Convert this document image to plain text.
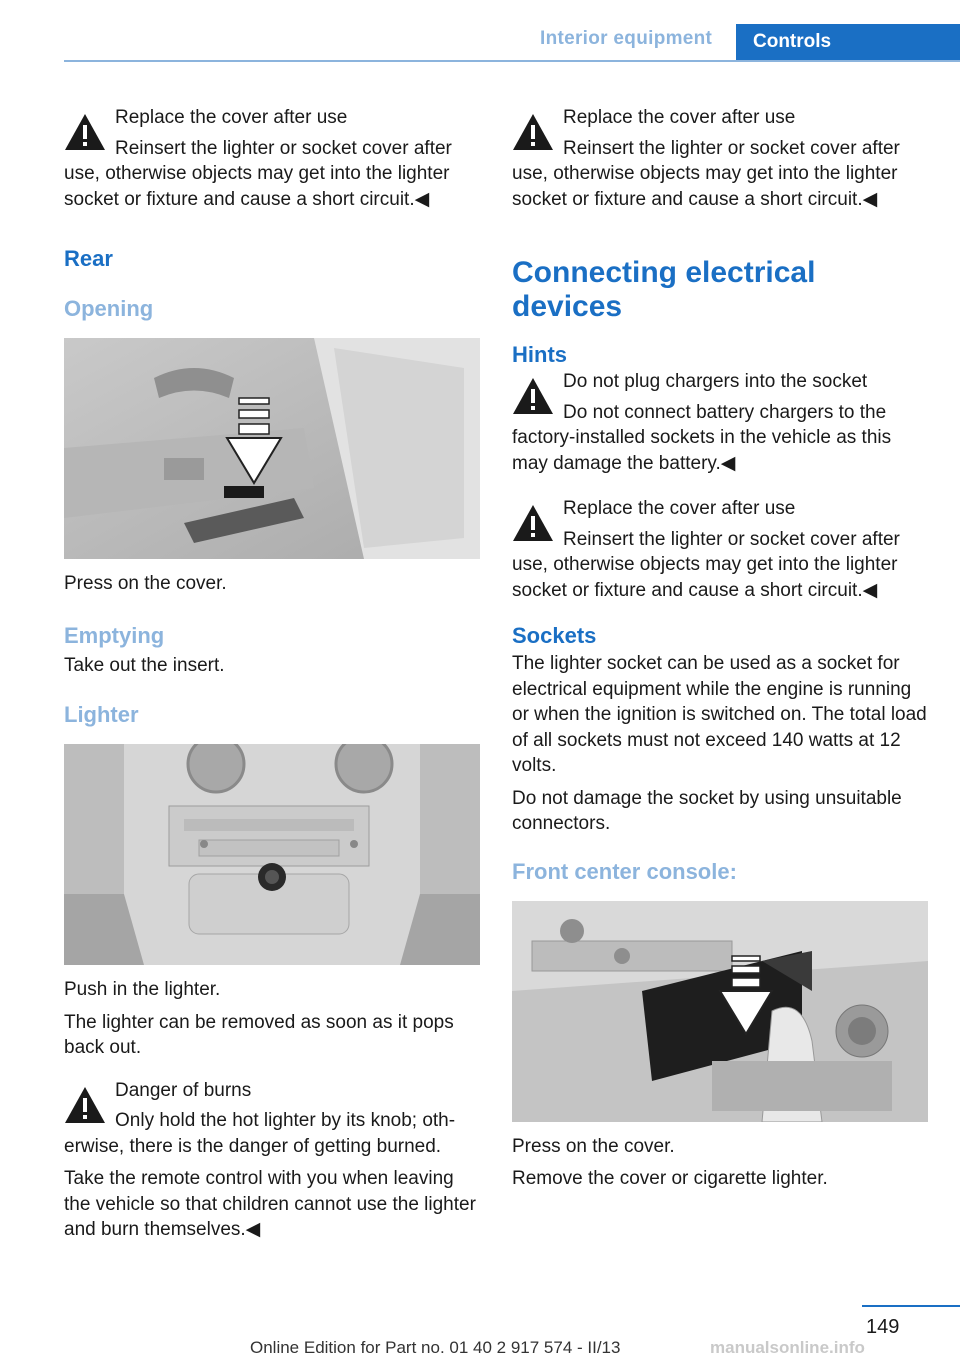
Interior equipment	Controls
Replace the cover after use
Reinsert the lighter or socket cover after use, otherwise objects may get into the lighter socket or fixture and cause a short circuit.◀
Rear
Opening

Press on the cover.

Emptying

Take out the insert.

Lighter

Push in the lighter.

The lighter can be removed as soon as it pops back out.

Danger of burns
Only hold the hot lighter by its knob; oth‐erwise, there is the danger of getting burned.

Take the remote control with you when leaving the vehicle so that children cannot use the lighter and burn themselves.◀

Replace the cover after use
Reinsert the lighter or socket cover after use, otherwise objects may get into the lighter socket or fixture and cause a short circuit.◀
Connecting electrical devices
Hints
Do not plug chargers into the socket
Do not connect battery chargers to the factory-installed sockets in the vehicle as this may damage the battery.◀
Replace the cover after use
Reinsert the lighter or socket cover after use, otherwise objects may get into the lighter socket or fixture and cause a short circuit.◀
Sockets

The lighter socket can be used as a socket for electrical equipment while the engine is running or when the ignition is switched on. The total load of all sockets must not exceed 140 watts at 12 volts.

Do not damage the socket by using unsuitable connectors.

Front center console:

Press on the cover.

Remove the cover or cigarette lighter.

149
Online Edition for Part no. 01 40 2 917 574 - II/13	manualsonline.info
